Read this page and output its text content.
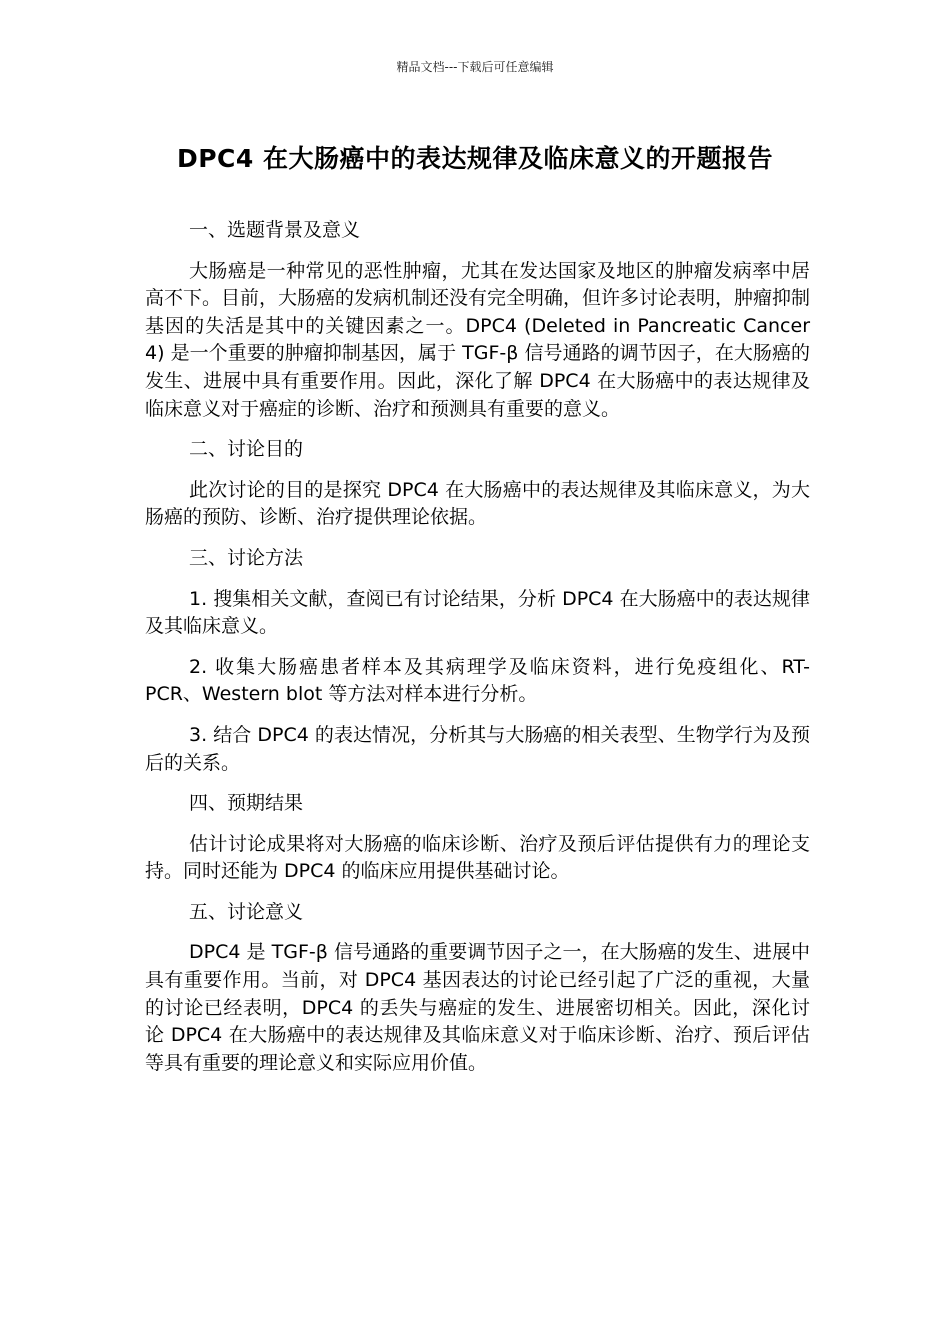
精品文档---下载后可任意编辑
DPC4 在大肠癌中的表达规律及临床意义的开题报告

一、选题背景及意义

大肠癌是一种常见的恶性肿瘤，尤其在发达国家及地区的肿瘤发病率中居高不下。目前，大肠癌的发病机制还没有完全明确，但许多讨论表明，肿瘤抑制基因的失活是其中的关键因素之一。DPC4 (Deleted in Pancreatic Cancer 4) 是一个重要的肿瘤抑制基因，属于 TGF-β 信号通路的调节因子，在大肠癌的发生、进展中具有重要作用。因此，深化了解 DPC4 在大肠癌中的表达规律及临床意义对于癌症的诊断、治疗和预测具有重要的意义。

二、讨论目的

此次讨论的目的是探究 DPC4 在大肠癌中的表达规律及其临床意义，为大肠癌的预防、诊断、治疗提供理论依据。

三、讨论方法

1. 搜集相关文献，查阅已有讨论结果，分析 DPC4 在大肠癌中的表达规律及其临床意义。

2. 收集大肠癌患者样本及其病理学及临床资料，进行免疫组化、RT-PCR、Western blot 等方法对样本进行分析。

3. 结合 DPC4 的表达情况，分析其与大肠癌的相关表型、生物学行为及预后的关系。

四、预期结果

估计讨论成果将对大肠癌的临床诊断、治疗及预后评估提供有力的理论支持。同时还能为 DPC4 的临床应用提供基础讨论。

五、讨论意义

DPC4 是 TGF-β 信号通路的重要调节因子之一，在大肠癌的发生、进展中具有重要作用。当前，对 DPC4 基因表达的讨论已经引起了广泛的重视，大量的讨论已经表明，DPC4 的丢失与癌症的发生、进展密切相关。因此，深化讨论 DPC4 在大肠癌中的表达规律及其临床意义对于临床诊断、治疗、预后评估等具有重要的理论意义和实际应用价值。
